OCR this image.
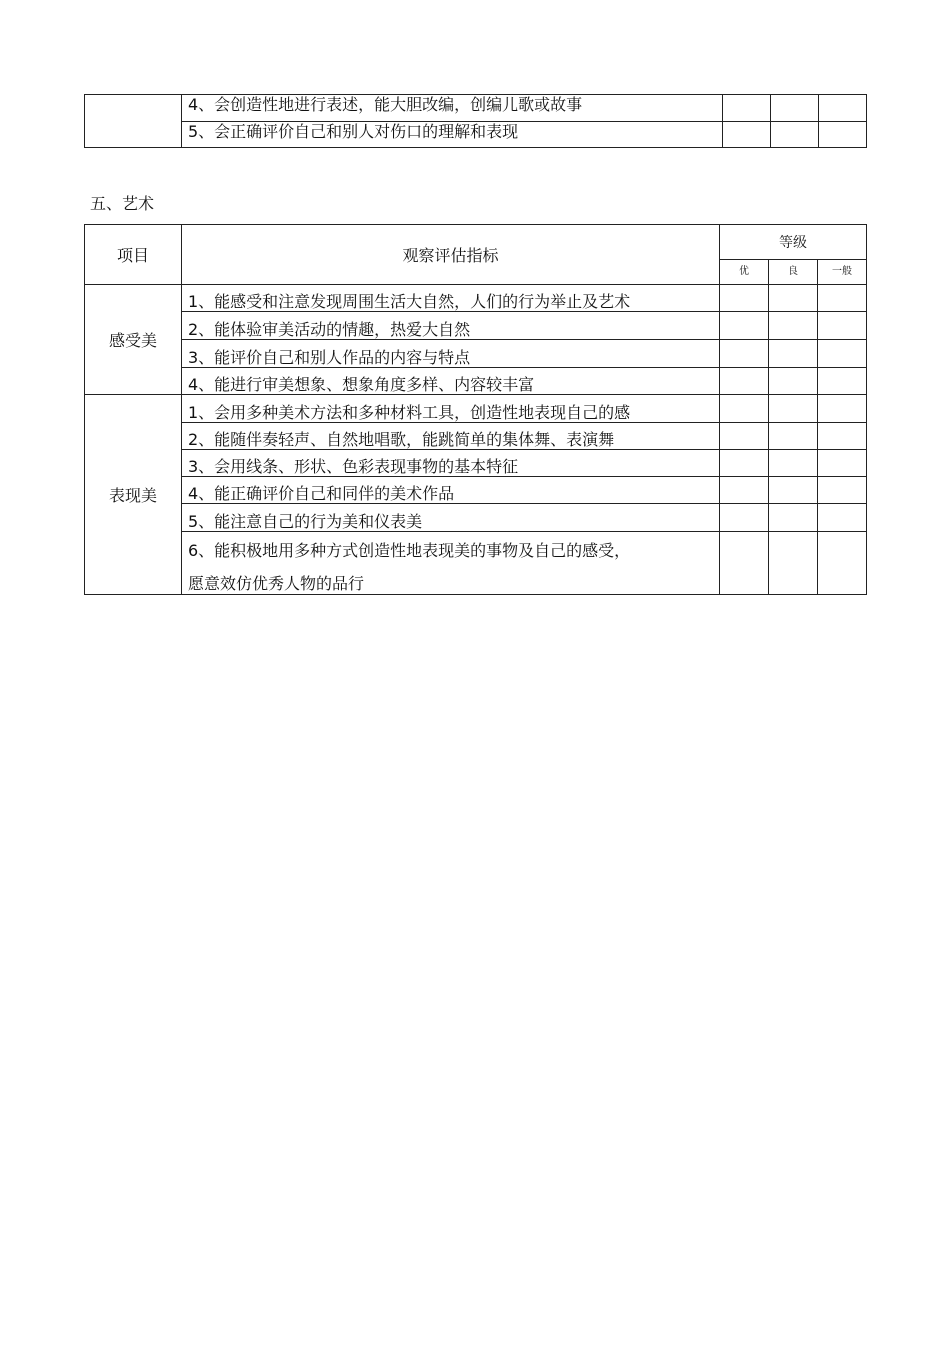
	4、会创造性地进行表述，能大胆改编，创编儿歌或故事			
	5、会正确评价自己和别人对伤口的理解和表现			
五、艺术
项目	观察评估指标	等级		
		优	良	一般
感受美	1、能感受和注意发现周围生活大自然，人们的行为举止及艺术			
	2、能体验审美活动的情趣，热爱大自然			
	3、能评价自己和别人作品的内容与特点			
	4、能进行审美想象、想象角度多样、内容较丰富			
表现美	1、会用多种美术方法和多种材料工具，创造性地表现自己的感			
	2、能随伴奏轻声、自然地唱歌，能跳简单的集体舞、表演舞			
	3、会用线条、形状、色彩表现事物的基本特征			
	4、能正确评价自己和同伴的美术作品			
	5、能注意自己的行为美和仪表美			
	6、能积极地用多种方式创造性地表现美的事物及自己的感受，
愿意效仿优秀人物的品行			
